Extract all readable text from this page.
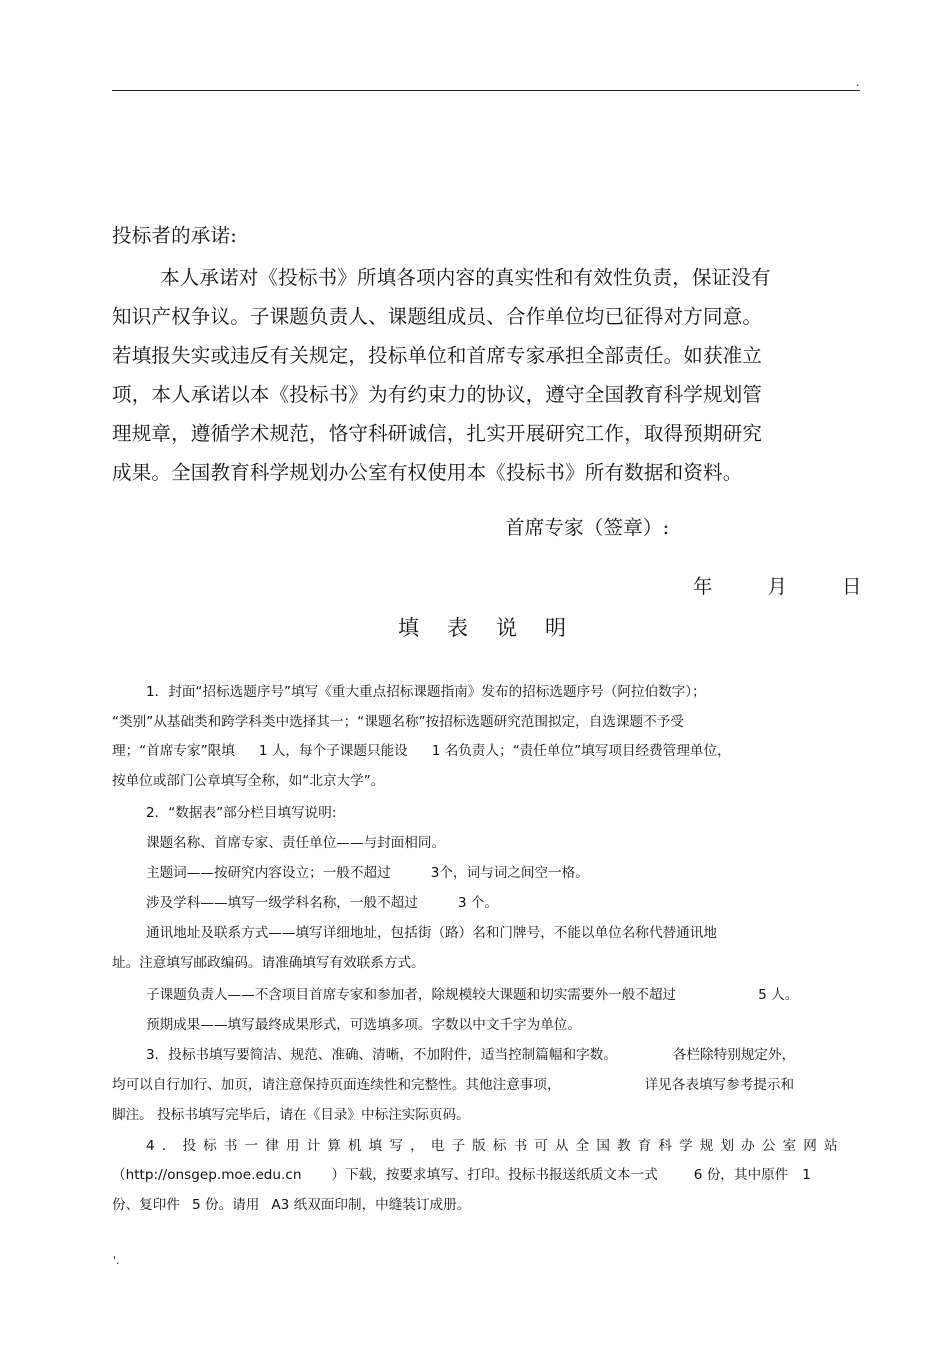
.
投标者的承诺:
本人承诺对《投标书》所填各项内容的真实性和有效性负责，保证没有
知识产权争议。子课题负责人、课题组成员、合作单位均已征得对方同意。
若填报失实或违反有关规定，投标单位和首席专家承担全部责任。如获准立
项，本人承诺以本《投标书》为有约束力的协议，遵守全国教育科学规划管
理规章，遵循学术规范，恪守科研诚信，扎实开展研究工作，取得预期研究
成果。全国教育科学规划办公室有权使用本《投标书》所有数据和资料。
首席专家（签章）:
年	月	日
填表说明
1．封面“招标选题序号”填写《重大重点招标课题指南》发布的招标选题序号（阿拉伯数字）；
“类别”从基础类和跨学科类中选择其一；“课题名称”按招标选题研究范围拟定，自选课题不予受
理；“首席专家”限填 1 人，每个子课题只能设 1 名负责人；“责任单位”填写项目经费管理单位，
按单位或部门公章填写全称，如“北京大学”。
2．“数据表”部分栏目填写说明:
课题名称、首席专家、责任单位——与封面相同。
主题词——按研究内容设立；一般不超过	3个，词与词之间空一格。
涉及学科——填写一级学科名称，一般不超过	3 个。
通讯地址及联系方式——填写详细地址，包括街（路）名和门牌号，不能以单位名称代替通讯地
址。注意填写邮政编码。请准确填写有效联系方式。
子课题负责人——不含项目首席专家和参加者，除规模较大课题和切实需要外一般不超过	5 人。
预期成果——填写最终成果形式，可选填多项。字数以中文千字为单位。
3．投标书填写要简洁、规范、准确、清晰，不加附件，适当控制篇幅和字数。	各栏除特别规定外，
均可以自行加行、加页，请注意保持页面连续性和完整性。其他注意事项，	详见各表填写参考提示和
脚注。 投标书填写完毕后，请在《目录》中标注实际页码。
4．投标书一律用计算机填写，电子版标书可从全国教育科学规划办公室网站
（http://onsgep.moe.edu.cn ）下载，按要求填写、打印。投标书报送纸质文本一式	6 份，其中原件 1
份、复印件 5 份。请用 A3 纸双面印制，中缝装订成册。
'.
